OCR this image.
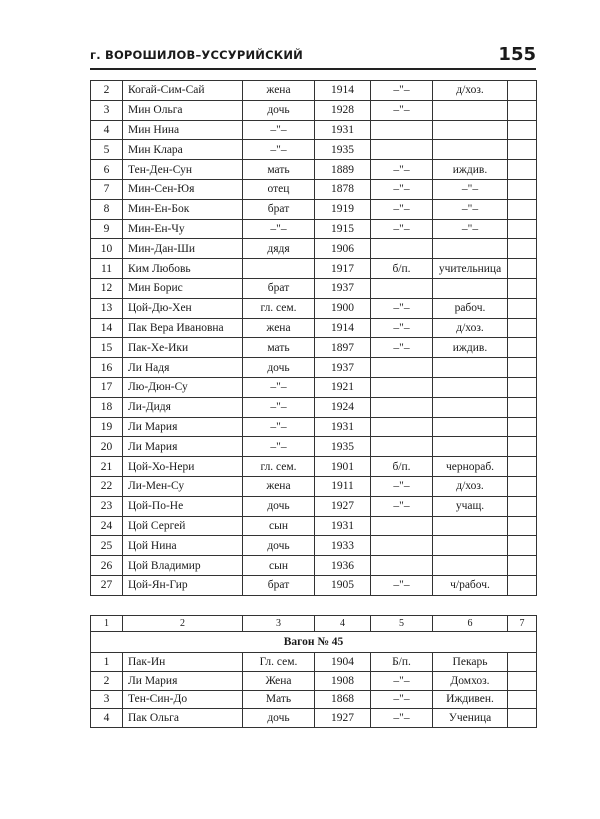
г. ВОРОШИЛОВ–УССУРИЙСКИЙ	155
2	Когай-Сим-Сай	жена	1914	–"–	д/хоз.	
3	Мин Ольга	дочь	1928	–"–		
4	Мин Нина	–"–	1931			
5	Мин Клара	–"–	1935			
6	Тен-Ден-Сун	мать	1889	–"–	иждив.	
7	Мин-Сен-Юя	отец	1878	–"–	–"–	
8	Мин-Ен-Бок	брат	1919	–"–	–"–	
9	Мин-Ен-Чу	–"–	1915	–"–	–"–	
10	Мин-Дан-Ши	дядя	1906			
11	Ким Любовь		1917	б/п.	учительница	
12	Мин Борис	брат	1937			
13	Цой-Дю-Хен	гл. сем.	1900	–"–	рабоч.	
14	Пак Вера Ивановна	жена	1914	–"–	д/хоз.	
15	Пак-Хе-Ики	мать	1897	–"–	иждив.	
16	Ли Надя	дочь	1937			
17	Лю-Дюн-Су	–"–	1921			
18	Ли-Дидя	–"–	1924			
19	Ли Мария	–"–	1931			
20	Ли Мария	–"–	1935			
21	Цой-Хо-Нери	гл. сем.	1901	б/п.	чернораб.	
22	Ли-Мен-Су	жена	1911	–"–	д/хоз.	
23	Цой-По-Не	дочь	1927	–"–	учащ.	
24	Цой Сергей	сын	1931			
25	Цой Нина	дочь	1933			
26	Цой Владимир	сын	1936			
27	Цой-Ян-Гир	брат	1905	–"–	ч/рабоч.	
1	2	3	4	5	6	7
Вагон № 45						
1	Пак-Ин	Гл. сем.	1904	Б/п.	Пекарь	
2	Ли Мария	Жена	1908	–"–	Домхоз.	
3	Тен-Син-До	Мать	1868	–"–	Иждивен.	
4	Пак Ольга	дочь	1927	–"–	Ученица	
